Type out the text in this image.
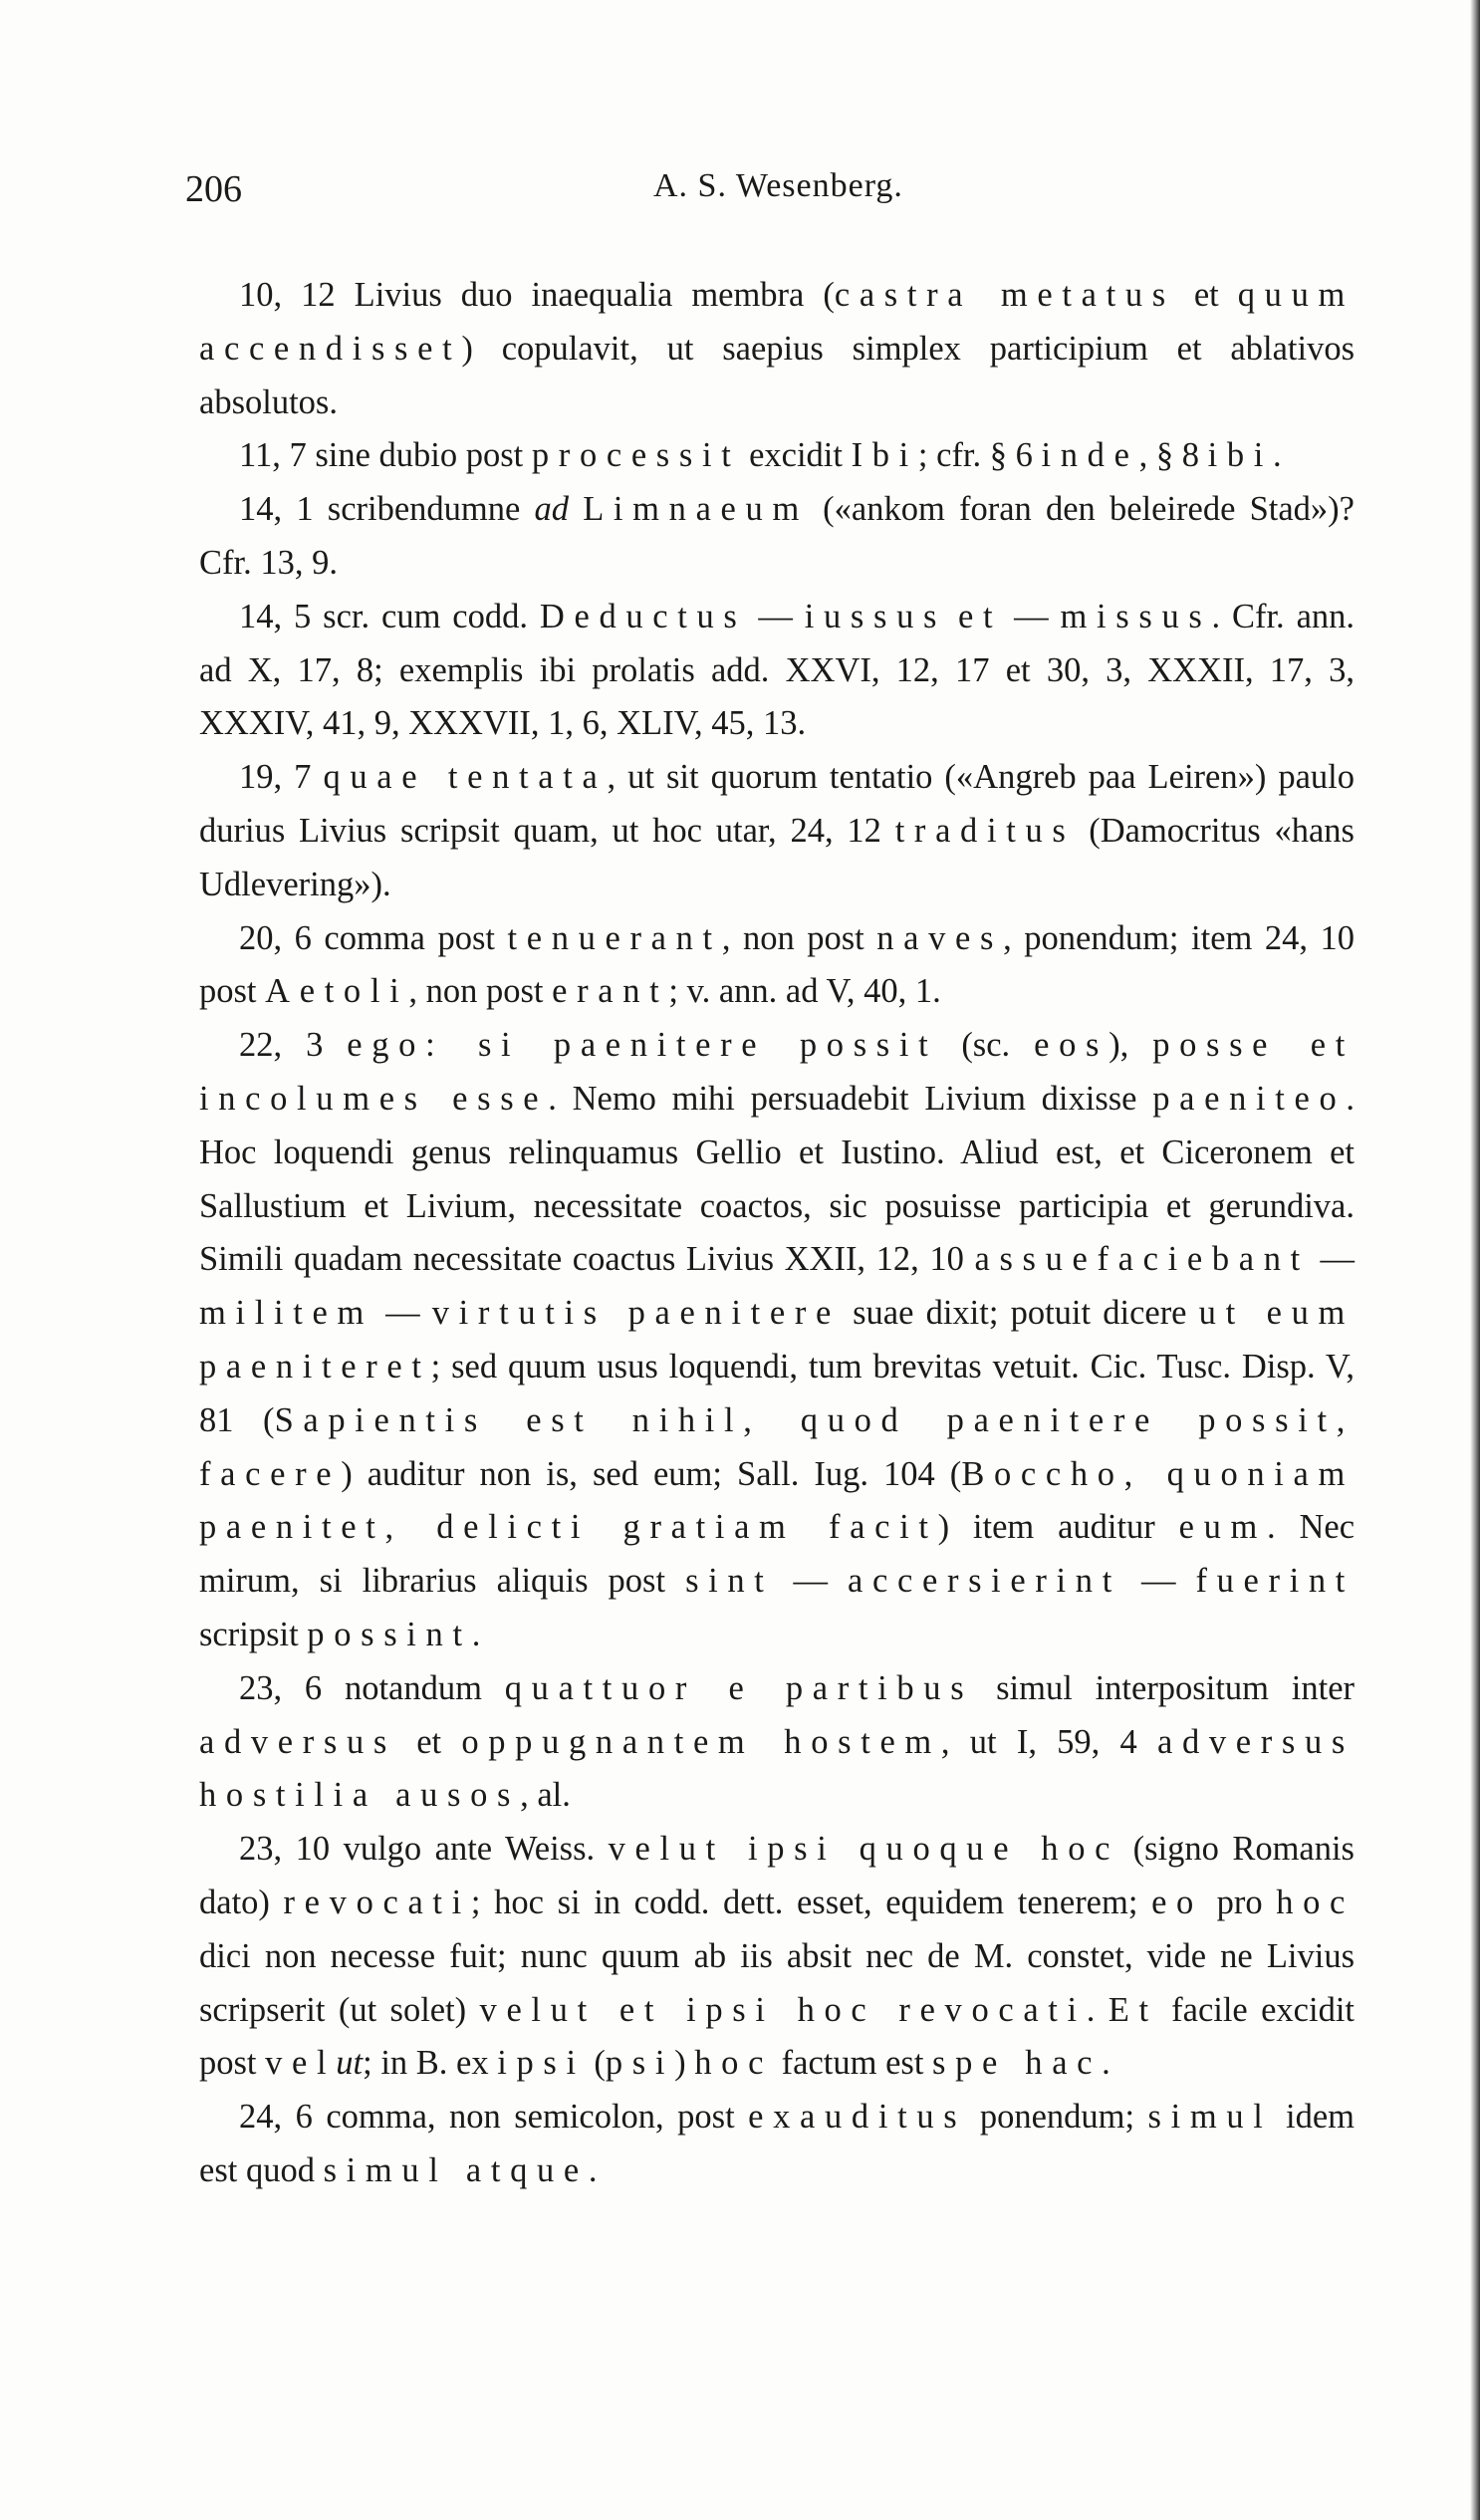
206	A. S. Wesenberg.

10, 12 Livius duo inaequalia membra (castra metatus et quum accendisset) copulavit, ut saepius simplex participium et ablativos absolutos.

11, 7 sine dubio post processit excidit Ibi; cfr. § 6 inde, § 8 ibi.

14, 1 scribendumne ad Limnaeum («ankom foran den beleirede Stad»)? Cfr. 13, 9.

14, 5 scr. cum codd. Deductus — iussus et — missus. Cfr. ann. ad X, 17, 8; exemplis ibi prolatis add. XXVI, 12, 17 et 30, 3, XXXII, 17, 3, XXXIV, 41, 9, XXXVII, 1, 6, XLIV, 45, 13.

19, 7 quae tentata, ut sit quorum tentatio («Angreb paa Leiren») paulo durius Livius scripsit quam, ut hoc utar, 24, 12 traditus (Damocritus «hans Udlevering»).

20, 6 comma post tenuerant, non post naves, ponendum; item 24, 10 post Aetoli, non post erant; v. ann. ad V, 40, 1.

22, 3 ego: si paenitere possit (sc. eos), posse et incolumes esse. Nemo mihi persuadebit Livium dixisse paeniteo. Hoc loquendi genus relinquamus Gellio et Iustino. Aliud est, et Ciceronem et Sallustium et Livium, necessitate coactos, sic posuisse participia et gerundiva. Simili quadam necessitate coactus Livius XXII, 12, 10 assuefaciebant — militem — virtutis paenitere suae dixit; potuit dicere ut eum paeniteret; sed quum usus loquendi, tum brevitas vetuit. Cic. Tusc. Disp. V, 81 (Sapientis est nihil, quod paenitere possit, facere) auditur non is, sed eum; Sall. Iug. 104 (Boccho, quoniam paenitet, delicti gratiam facit) item auditur eum. Nec mirum, si librarius aliquis post sint — accersierint — fuerint scripsit possint.

23, 6 notandum quattuor e partibus simul interpositum inter adversus et oppugnantem hostem, ut I, 59, 4 adversus hostilia ausos, al.

23, 10 vulgo ante Weiss. velut ipsi quoque hoc (signo Romanis dato) revocati; hoc si in codd. dett. esset, equidem tenerem; eo pro hoc dici non necesse fuit; nunc quum ab iis absit nec de M. constet, vide ne Livius scripserit (ut solet) velut et ipsi hoc revocati. Et facile excidit post velut; in B. ex ipsi (psi) hoc factum est spe hac.

24, 6 comma, non semicolon, post exauditus ponendum; simul idem est quod simul atque.
